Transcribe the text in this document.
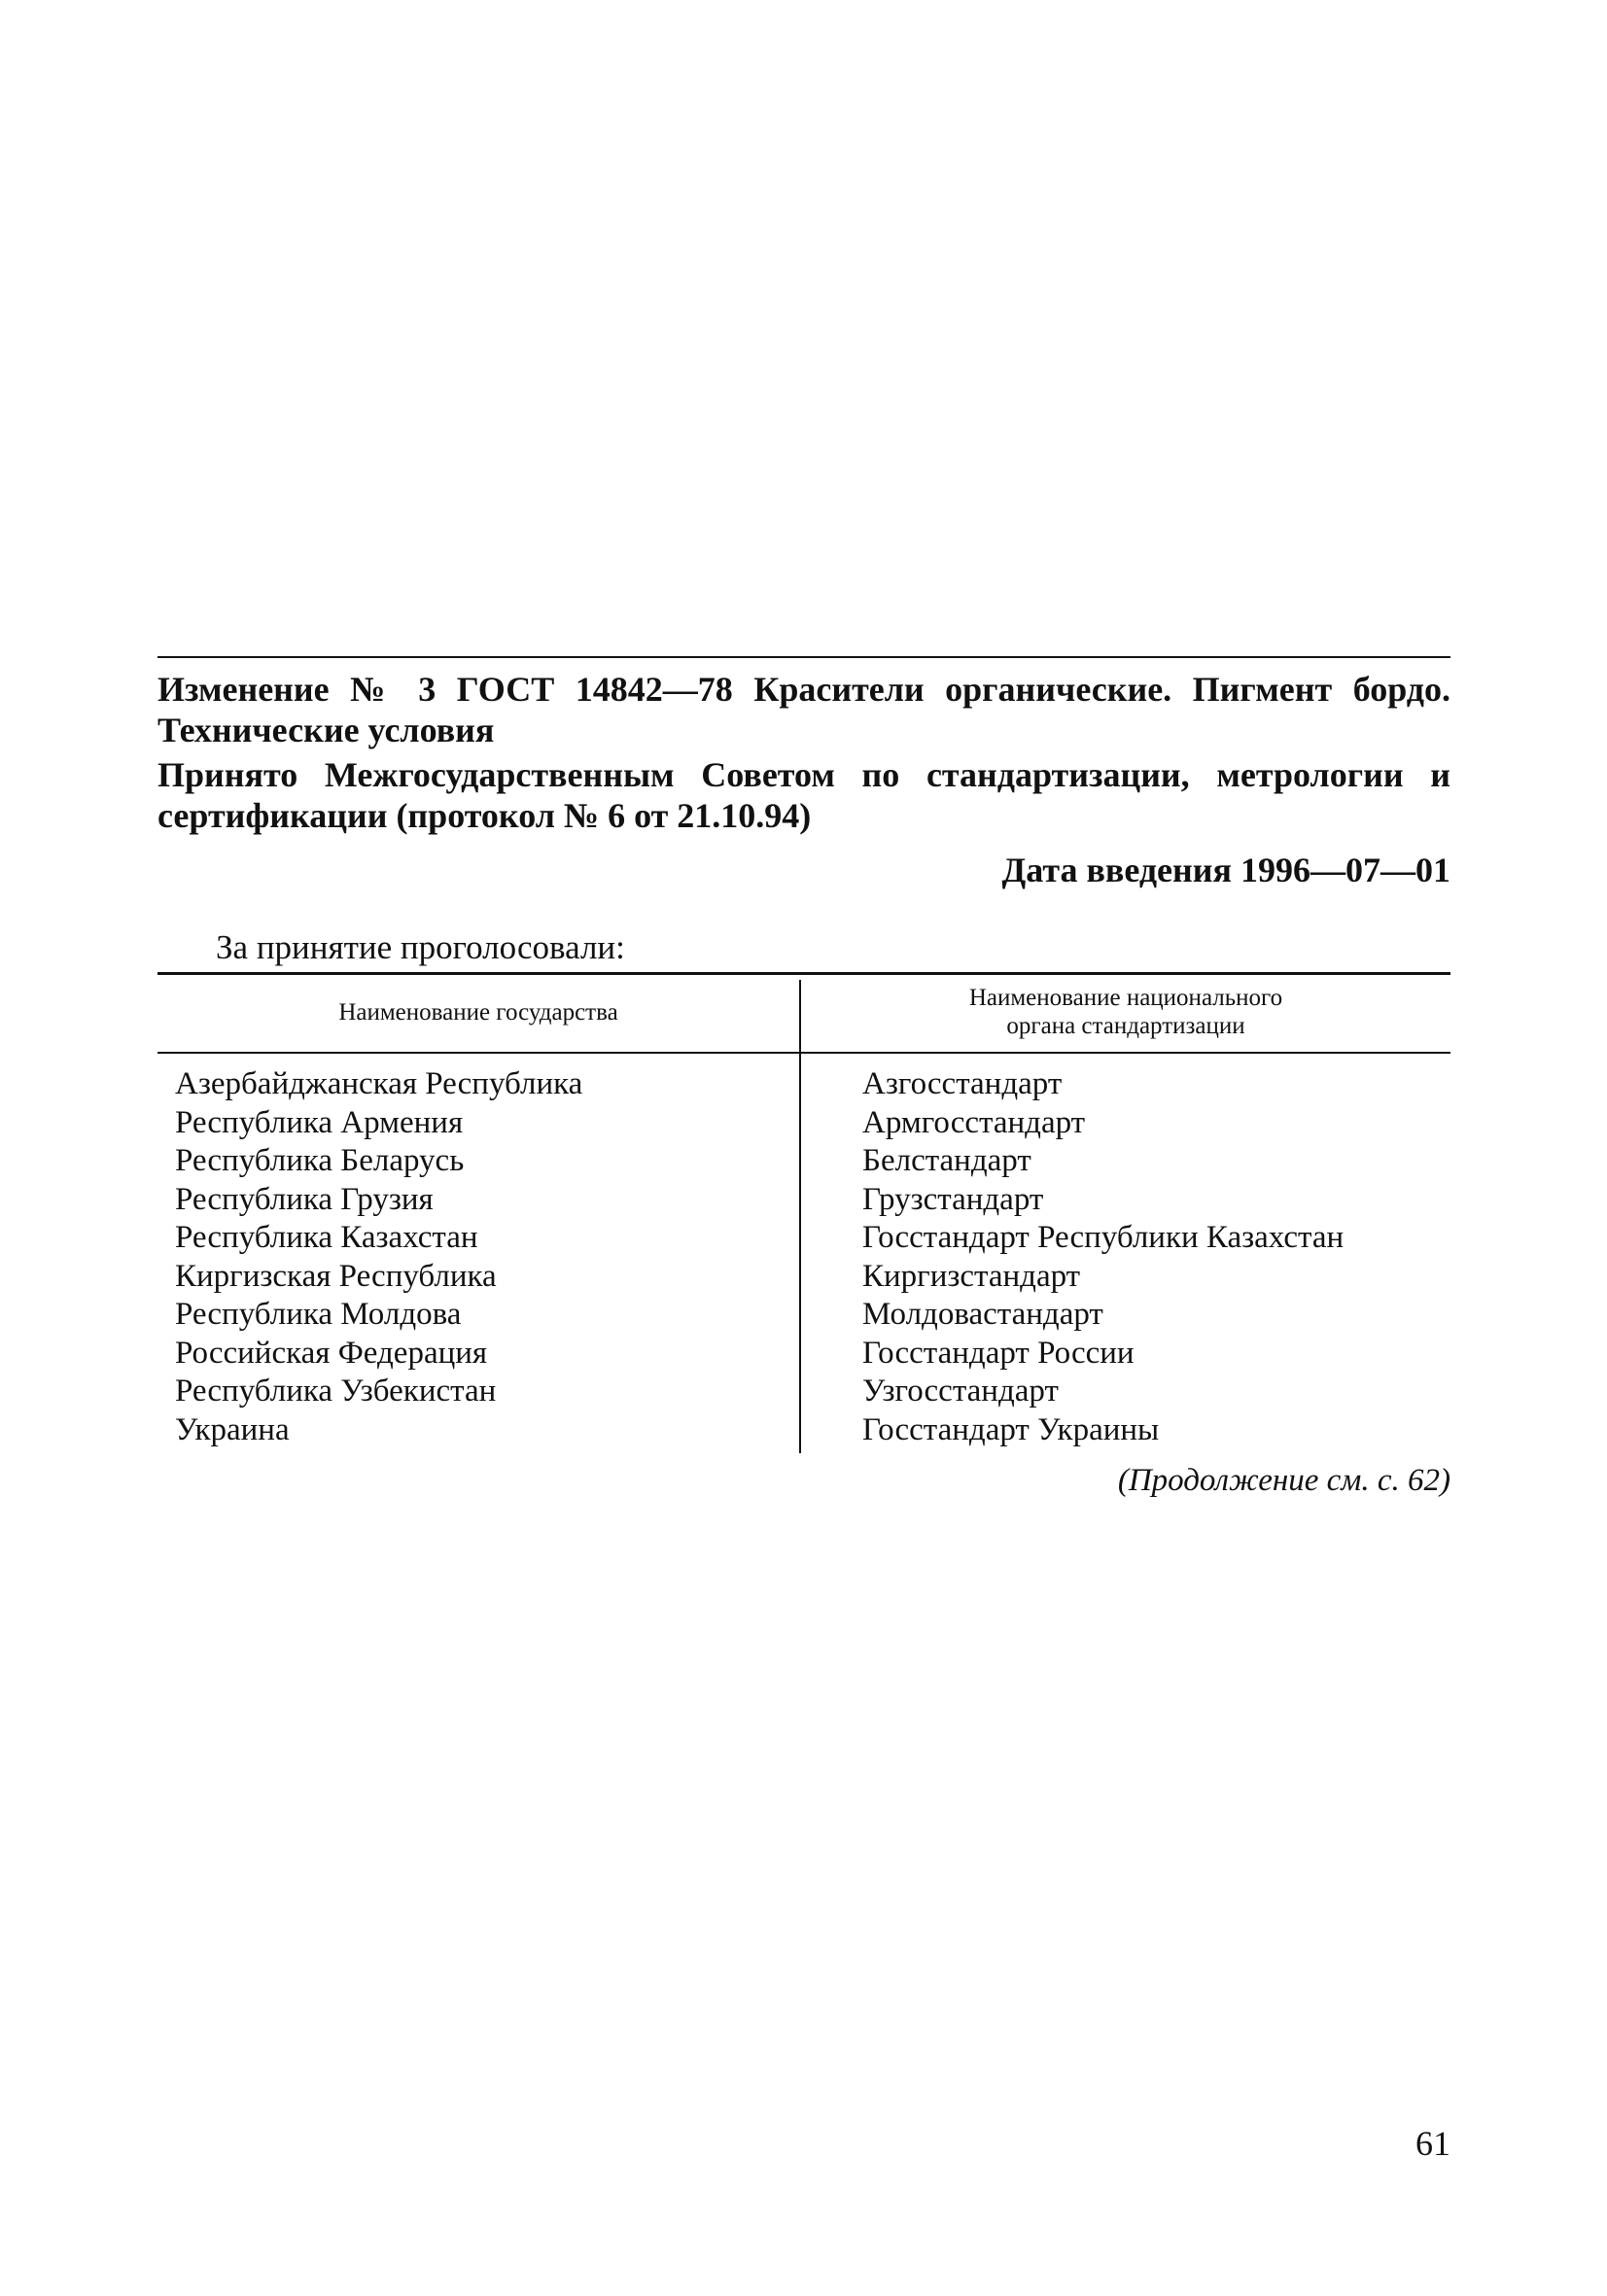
Изменение № 3 ГОСТ 14842—78 Красители органические. Пигмент бордо. Технические условия
Принято Межгосударственным Советом по стандартизации, метрологии и сертификации (протокол № 6 от 21.10.94)
Дата введения 1996—07—01
За принятие проголосовали:
Наименование государства
Наименование национального органа стандартизации
Азербайджанская Республика	Азгосстандарт
Республика Армения	Армгосстандарт
Республика Беларусь	Белстандарт
Республика Грузия	Грузстандарт
Республика Казахстан	Госстандарт Республики Казахстан
Киргизская Республика	Киргизстандарт
Республика Молдова	Молдовастандарт
Российская Федерация	Госстандарт России
Республика Узбекистан	Узгосстандарт
Украина	Госстандарт Украины
(Продолжение см. с. 62)
61
